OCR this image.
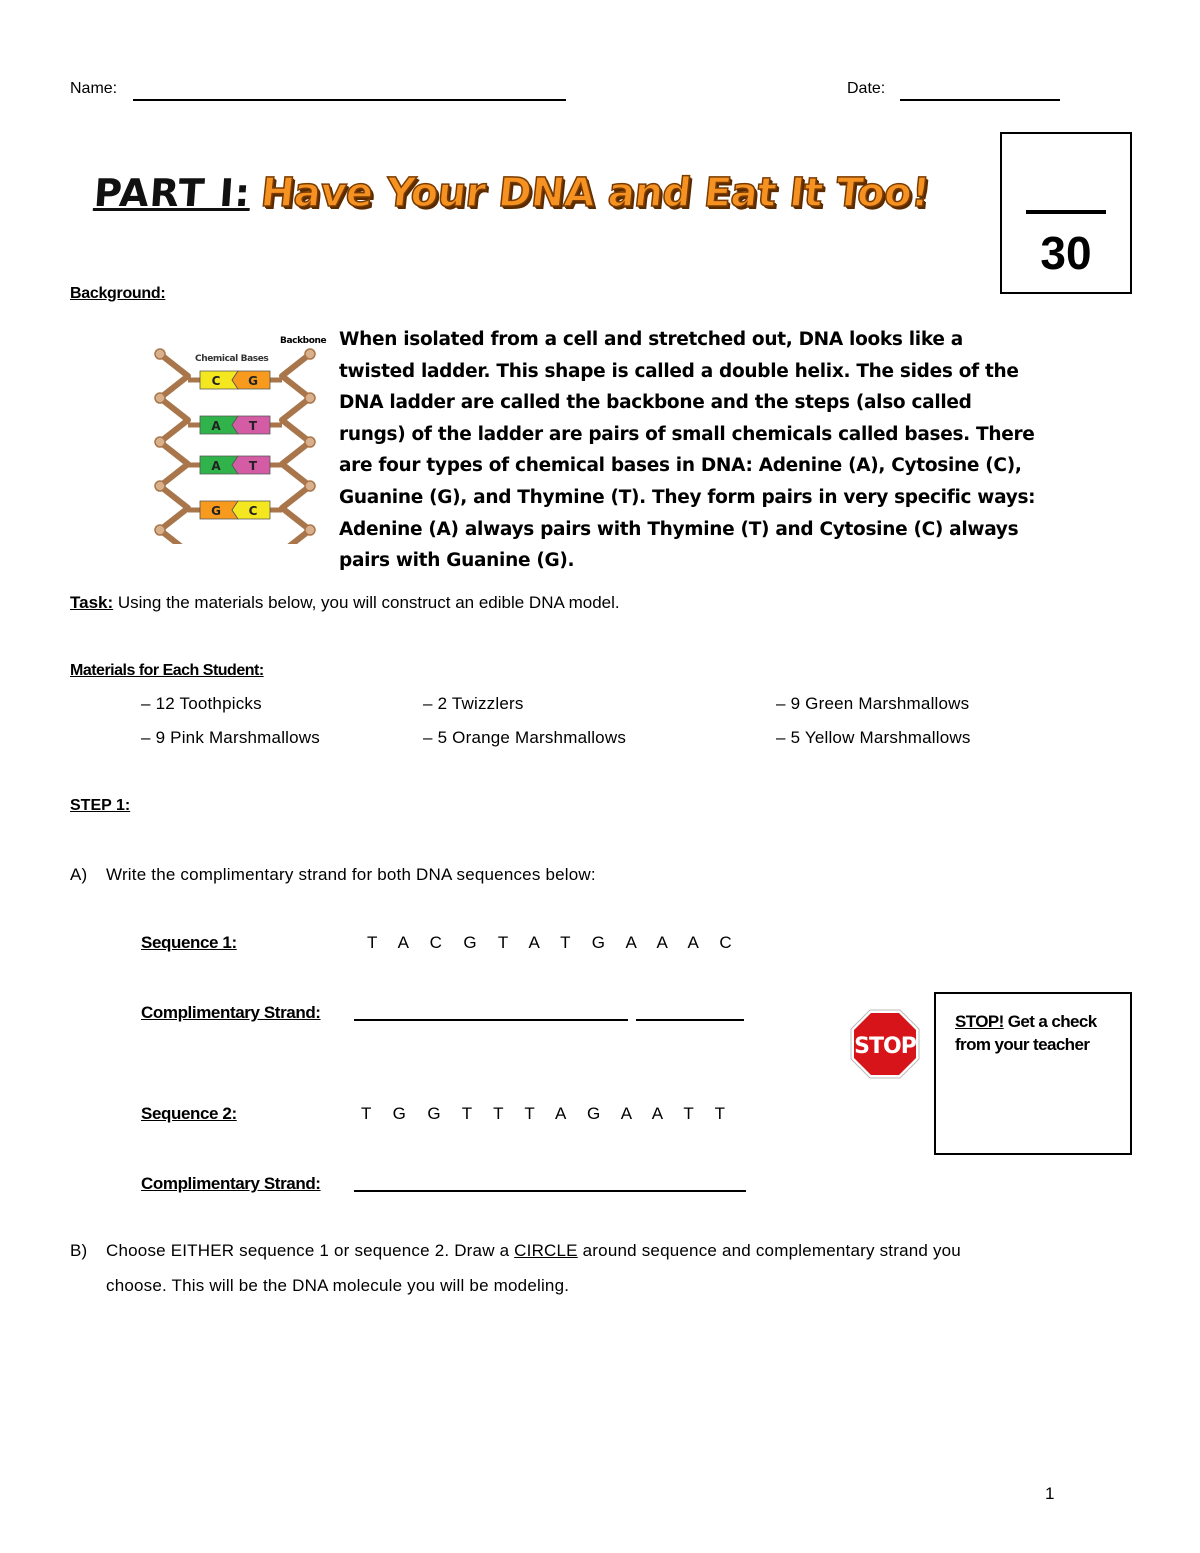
Name:	Date:
PART I: Have Your DNA and Eat It Too!
30
Background:
C G
A T
A T
G C
Backbone
Chemical Bases
When isolated from a cell and stretched out, DNA looks like a
twisted ladder. This shape is called a double helix. The sides of the
DNA ladder are called the backbone and the steps (also called
rungs) of the ladder are pairs of small chemicals called bases. There
are four types of chemical bases in DNA: Adenine (A), Cytosine (C),
Guanine (G), and Thymine (T). They form pairs in very specific ways:
Adenine (A) always pairs with Thymine (T) and Cytosine (C) always
pairs with Guanine (G).
Task: Using the materials below, you will construct an edible DNA model.
Materials for Each Student:
– 12 Toothpicks	– 2 Twizzlers	– 9 Green Marshmallows
– 9 Pink Marshmallows	– 5 Orange Marshmallows	– 5 Yellow Marshmallows
STEP 1:
A) Write the complimentary strand for both DNA sequences below:
Sequence 1:	T A C G T A T G A A A C
Complimentary Strand:
Sequence 2:	T G G T T T A G A A T T
Complimentary Strand:
STOP
STOP! Get a check from your teacher
B) Choose EITHER sequence 1 or sequence 2. Draw a CIRCLE around sequence and complementary strand you
choose. This will be the DNA molecule you will be modeling.
1
